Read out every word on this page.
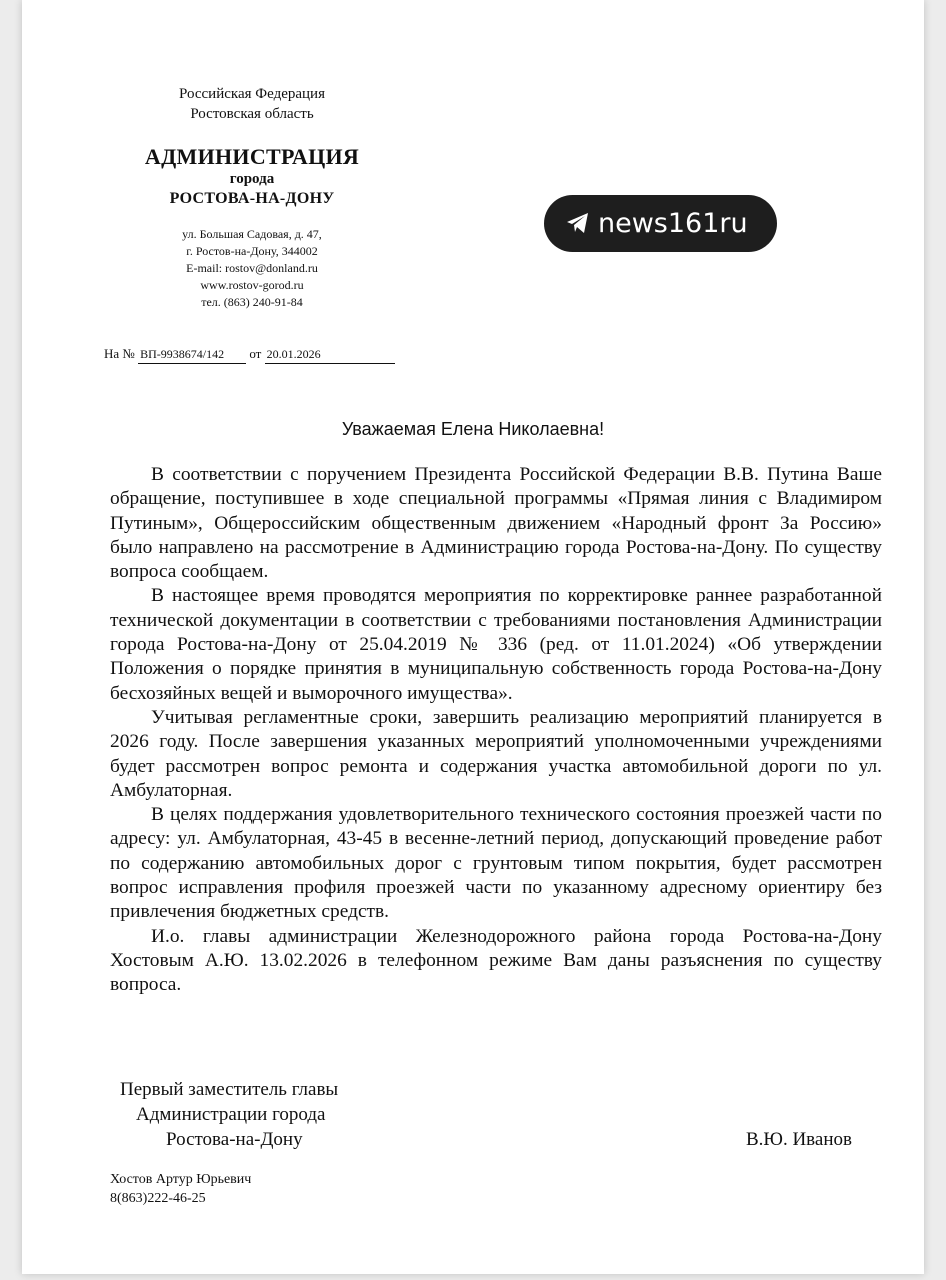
Российская Федерация
Ростовская область
АДМИНИСТРАЦИЯ
города
РОСТОВА-НА-ДОНУ
ул. Большая Садовая, д. 47,
г. Ростов-на-Дону, 344002
E-mail: rostov@donland.ru
www.rostov-gorod.ru
тел. (863) 240-91-84
news161ru
На № ВП-9938674/142 от 20.01.2026
Уважаемая Елена Николаевна!

В соответствии с поручением Президента Российской Федерации В.В. Путина Ваше обращение, поступившее в ходе специальной программы «Прямая линия с Владимиром Путиным», Общероссийским общественным движением «Народный фронт За Россию» было направлено на рассмотрение в Администрацию города Ростова-на-Дону. По существу вопроса сообщаем.

В настоящее время проводятся мероприятия по корректировке раннее разработанной технической документации в соответствии с требованиями постановления Администрации города Ростова-на-Дону от 25.04.2019 № 336 (ред. от 11.01.2024) «Об утверждении Положения о порядке принятия в муниципальную собственность города Ростова-на-Дону бесхозяйных вещей и выморочного имущества».

Учитывая регламентные сроки, завершить реализацию мероприятий планируется в 2026 году. После завершения указанных мероприятий уполномоченными учреждениями будет рассмотрен вопрос ремонта и содержания участка автомобильной дороги по ул. Амбулаторная.

В целях поддержания удовлетворительного технического состояния проезжей части по адресу: ул. Амбулаторная, 43-45 в весенне-летний период, допускающий проведение работ по содержанию автомобильных дорог с грунтовым типом покрытия, будет рассмотрен вопрос исправления профиля проезжей части по указанному адресному ориентиру без привлечения бюджетных средств.

И.о. главы администрации Железнодорожного района города Ростова-на-Дону Хостовым А.Ю. 13.02.2026 в телефонном режиме Вам даны разъяснения по существу вопроса.

Первый заместитель главы
Администрации города
Ростова-на-Дону	В.Ю. Иванов
Хостов Артур Юрьевич
8(863)222-46-25
